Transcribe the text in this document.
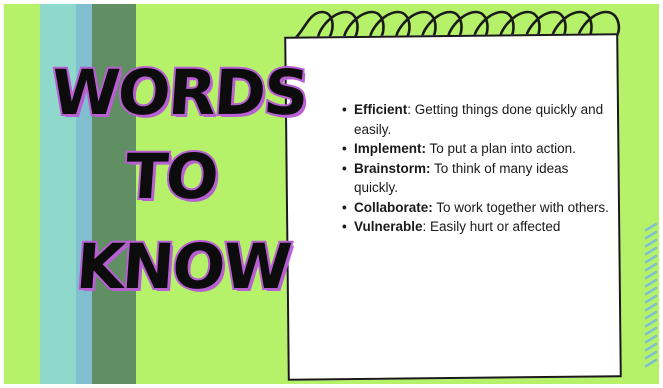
WORDS
TO
KNOW
• Efficient: Getting things done quickly and easily.
• Implement: To put a plan into action.
• Brainstorm: To think of many ideas quickly.
• Collaborate: To work together with others.
• Vulnerable: Easily hurt or affected
